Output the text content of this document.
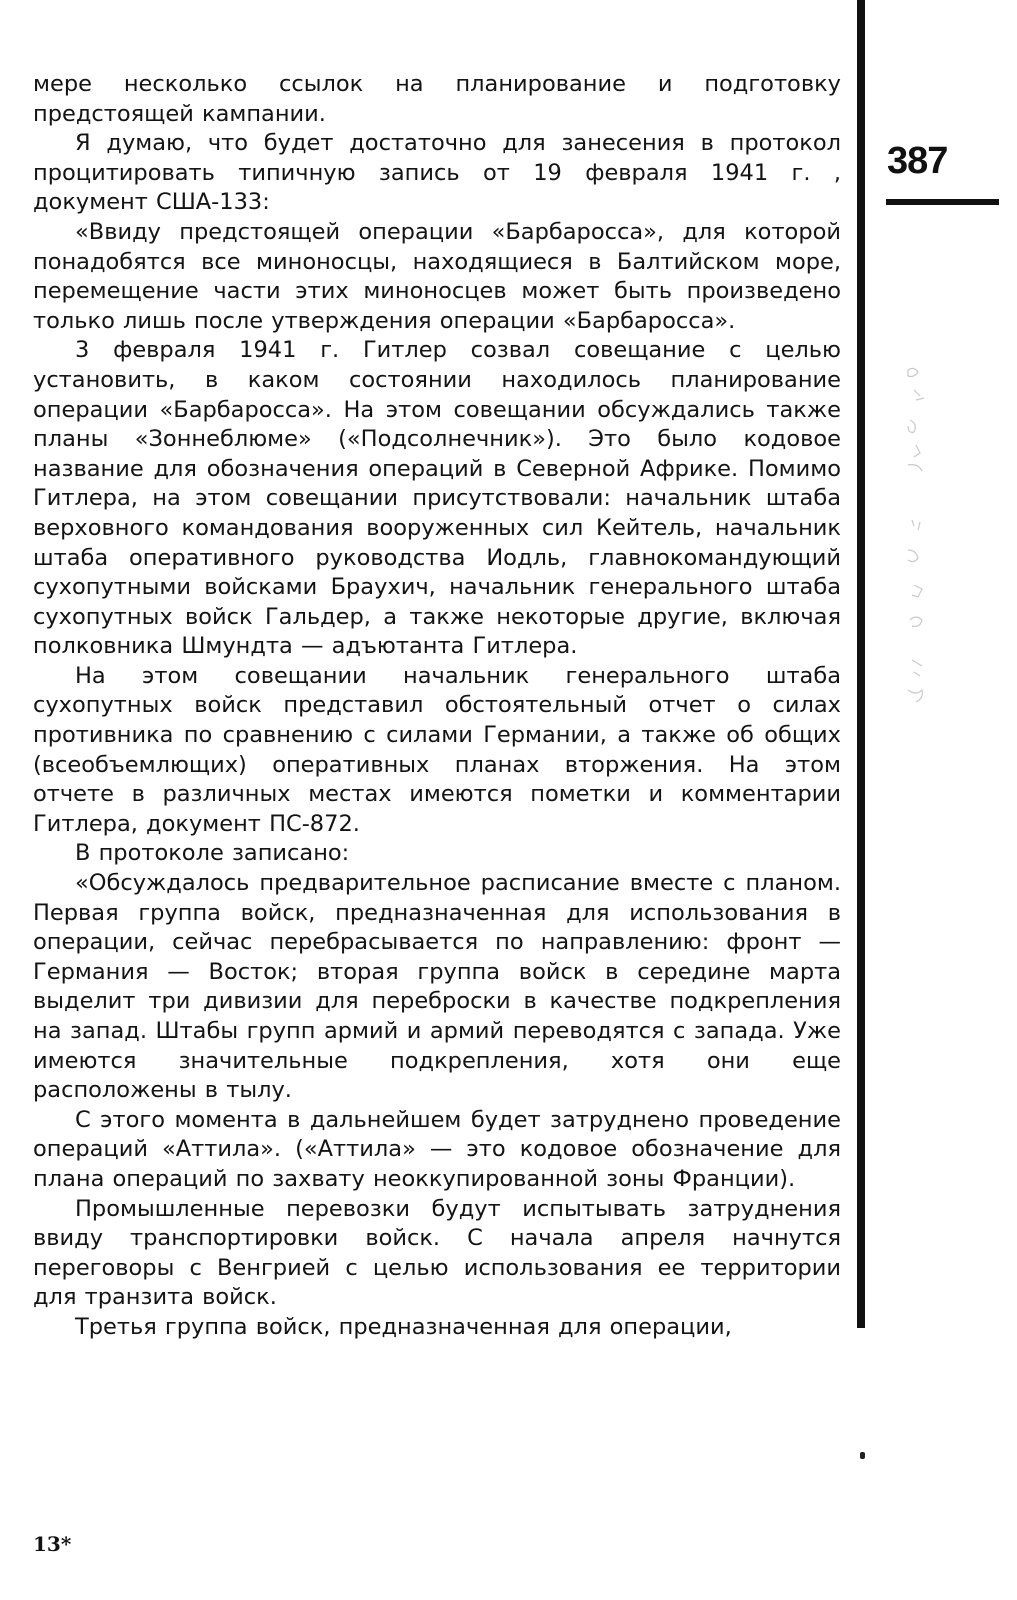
мере несколько ссылок на планирование и подготовку предстоящей кампании.

Я думаю, что будет достаточно для занесения в протокол процитировать типичную запись от 19 февраля 1941 г. , документ США-133:

«Ввиду предстоящей операции «Барбаросса», для которой понадобятся все миноносцы, находящиеся в Балтийском море, перемещение части этих миноносцев может быть произведено только лишь после утверждения операции «Барбаросса».

3 февраля 1941 г. Гитлер созвал совещание с целью установить, в каком состоянии находилось планирование операции «Барбаросса». На этом совещании обсуждались также планы «Зоннеблюме» («Подсолнечник»). Это было кодовое название для обозначения операций в Северной Африке. Помимо Гитлера, на этом совещании присутствовали: начальник штаба верховного командования вооруженных сил Кейтель, начальник штаба оперативного руководства Иодль, главнокомандующий сухопутными войсками Браухич, начальник генерального штаба сухопутных войск Гальдер, а также некоторые другие, включая полковника Шмундта — адъютанта Гитлера.

На этом совещании начальник генерального штаба сухопутных войск представил обстоятельный отчет о силах противника по сравнению с силами Германии, а также об общих (всеобъемлющих) оперативных планах вторжения. На этом отчете в различных местах имеются пометки и комментарии Гитлера, документ ПС-872.

В протоколе записано:

«Обсуждалось предварительное расписание вместе с планом. Первая группа войск, предназначенная для использования в операции, сейчас перебрасывается по направлению: фронт — Германия — Восток; вторая группа войск в середине марта выделит три дивизии для переброски в качестве подкрепления на запад. Штабы групп армий и армий переводятся с запада. Уже имеются значительные подкрепления, хотя они еще расположены в тылу.

С этого момента в дальнейшем будет затруднено проведение операций «Аттила». («Аттила» — это кодовое обозначение для плана операций по захвату неоккупированной зоны Франции).

Промышленные перевозки будут испытывать затруднения ввиду транспортировки войск. С начала апреля начнутся переговоры с Венгрией с целью использования ее территории для транзита войск.

Третья группа войск, предназначенная для операции,

387
13*
